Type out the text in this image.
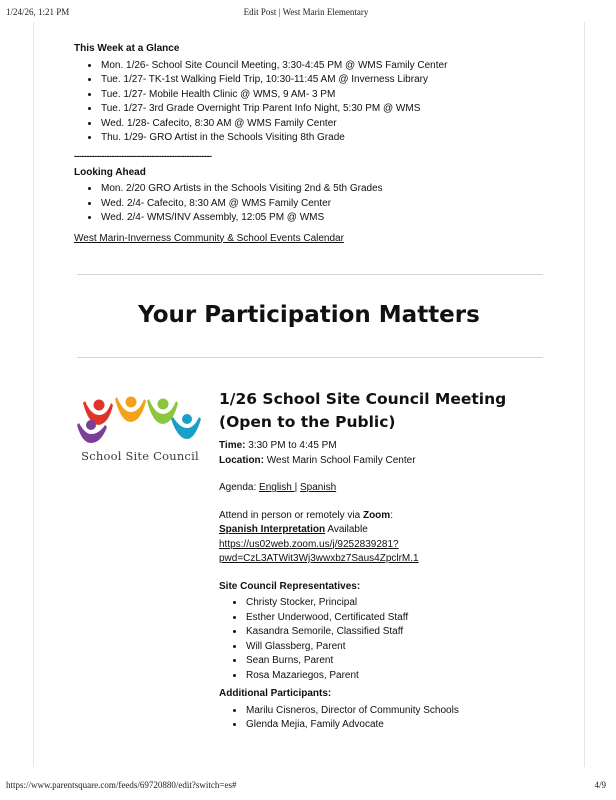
1/24/26, 1:21 PM	Edit Post | West Marin Elementary

This Week at a Glance

• Mon. 1/26- School Site Council Meeting, 3:30-4:45 PM @ WMS Family Center
• Tue. 1/27- TK-1st Walking Field Trip, 10:30-11:45 AM @ Inverness Library
• Tue. 1/27- Mobile Health Clinic @ WMS, 9 AM- 3 PM
• Tue. 1/27- 3rd Grade Overnight Trip Parent Info Night, 5:30 PM @ WMS
• Wed. 1/28- Cafecito, 8:30 AM @ WMS Family Center
• Thu. 1/29- GRO Artist in the Schools Visiting 8th Grade
-------------------------------------------------------

Looking Ahead

• Mon. 2/20 GRO Artists in the Schools Visiting 2nd & 5th Grades
• Wed. 2/4- Cafecito, 8:30 AM @ WMS Family Center
• Wed. 2/4- WMS/INV Assembly, 12:05 PM @ WMS
West Marin-Inverness Community & School Events Calendar
Your Participation Matters
School Site Council
1/26 School Site Council Meeting (Open to the Public)

Time: 3:30 PM to 4:45 PM

Location: West Marin School Family Center

Agenda: English | Spanish

Attend in person or remotely via Zoom:

Spanish Interpretation Available

https://us02web.zoom.us/j/9252839281?

pwd=CzL3ATWit3Wj3wwxbz7Saus4ZpclrM.1

Site Council Representatives:

• Christy Stocker, Principal
• Esther Underwood, Certificated Staff
• Kasandra Semorile, Classified Staff
• Will Glassberg, Parent
• Sean Burns, Parent
• Rosa Mazariegos, Parent

Additional Participants:

• Marilu Cisneros, Director of Community Schools
• Glenda Mejia, Family Advocate
https://www.parentsquare.com/feeds/69720880/edit?switch=es#	4/9
